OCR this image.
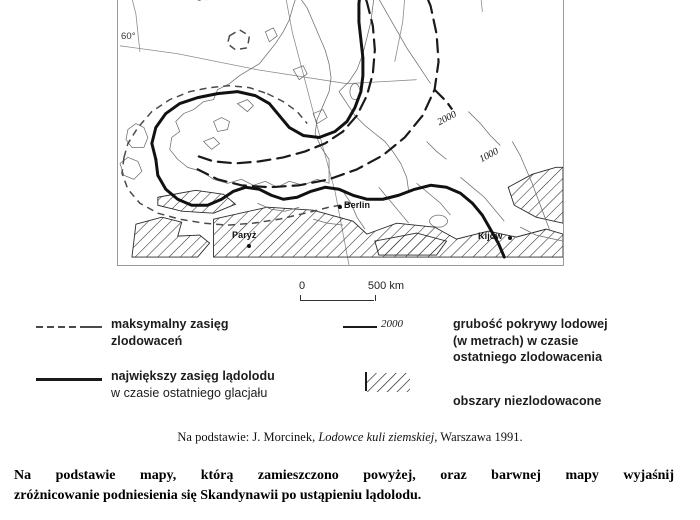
60°
2000
1000
Berlin
Paryż	Kijów
0	500 km
maksymalny zasięg
zlodowaceń
największy zasięg lądolodu
w czasie ostatniego glacjału
2000	grubość pokrywy lodowej
(w metrach) w czasie
ostatniego zlodowacenia
obszary niezlodowacone
Na podstawie: J. Morcinek, Lodowce kuli ziemskiej, Warszawa 1991.
Na podstawie mapy, którą zamieszczono powyżej, oraz barwnej mapy wyjaśnij
zróżnicowanie podniesienia się Skandynawii po ustąpieniu lądolodu.
